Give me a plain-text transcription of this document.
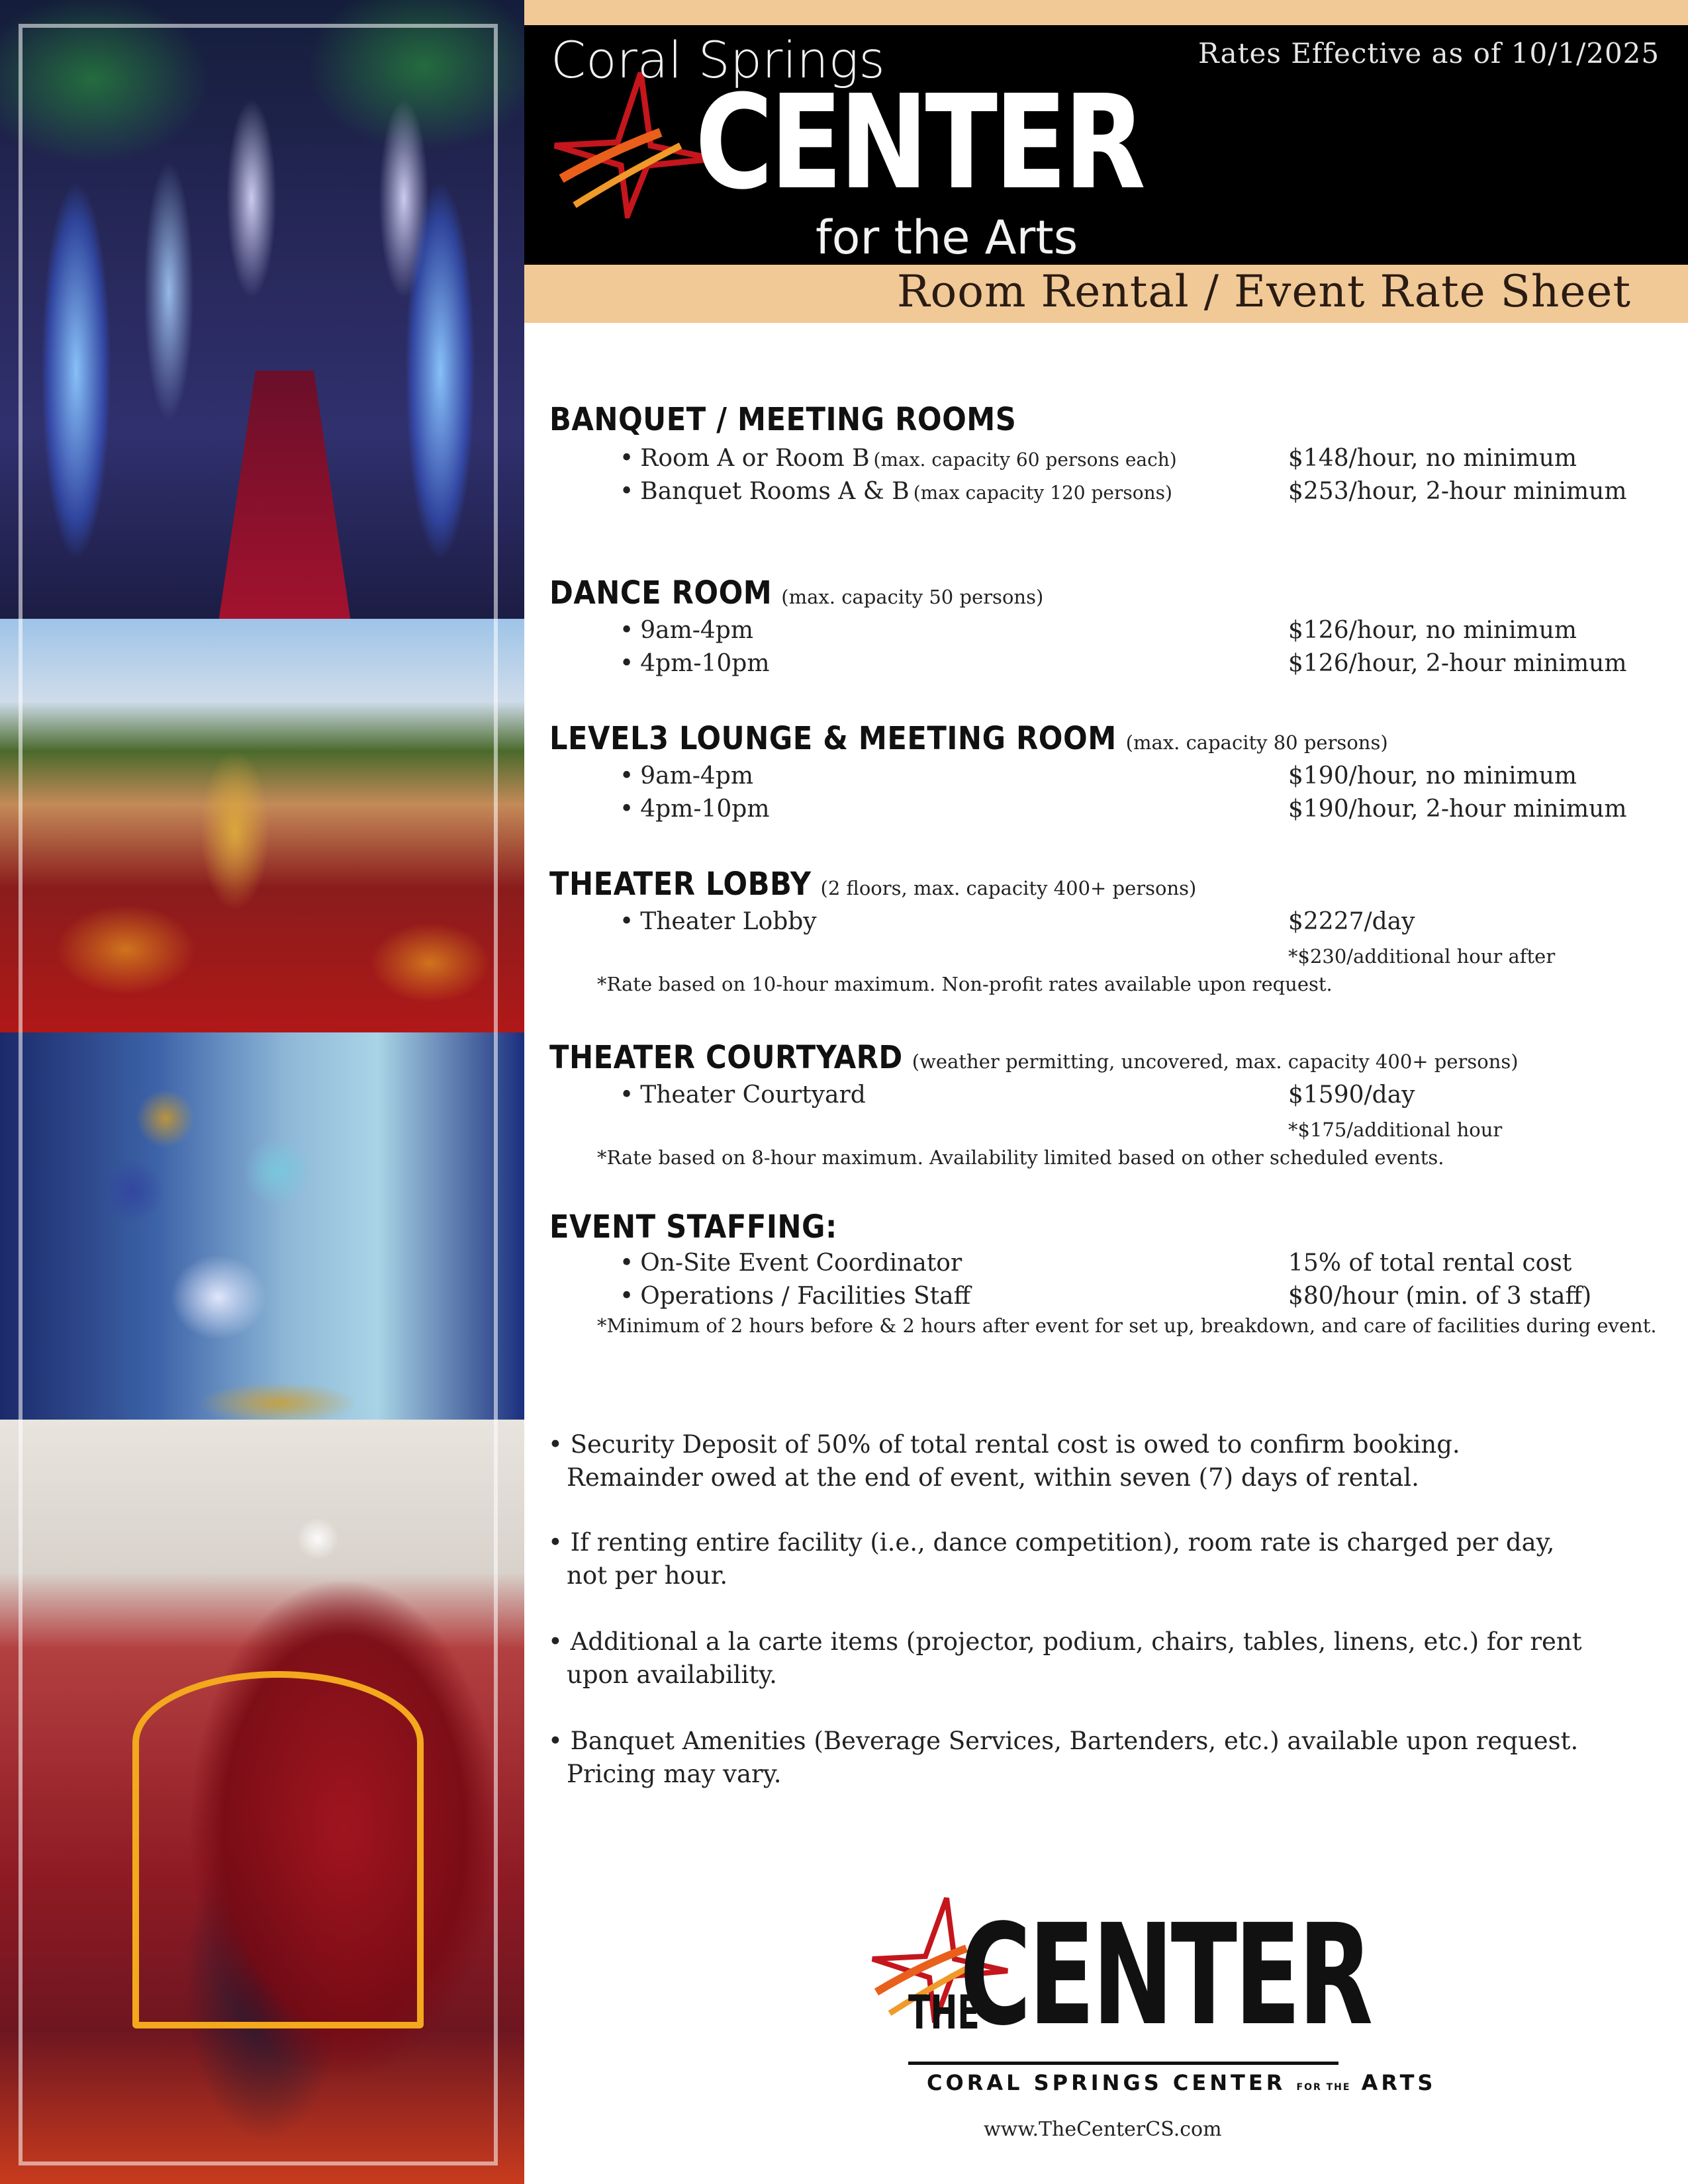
Rates Effective as of 10/1/2025
Coral Springs
CENTER
for the Arts
Room Rental / Event Rate Sheet
BANQUET / MEETING ROOMS
• Room A or Room B (max. capacity 60 persons each)	$148/hour, no minimum
• Banquet Rooms A & B (max capacity 120 persons)	$253/hour, 2-hour minimum
DANCE ROOM (max. capacity 50 persons)
• 9am-4pm	$126/hour, no minimum
• 4pm-10pm	$126/hour, 2-hour minimum
LEVEL3 LOUNGE & MEETING ROOM (max. capacity 80 persons)
• 9am-4pm	$190/hour, no minimum
• 4pm-10pm	$190/hour, 2-hour minimum
THEATER LOBBY (2 floors, max. capacity 400+ persons)
• Theater Lobby	$2227/day
*$230/additional hour after
*Rate based on 10-hour maximum. Non-profit rates available upon request.
THEATER COURTYARD (weather permitting, uncovered, max. capacity 400+ persons)
• Theater Courtyard	$1590/day
*$175/additional hour
*Rate based on 8-hour maximum. Availability limited based on other scheduled events.
EVENT STAFFING:
• On-Site Event Coordinator	15% of total rental cost
• Operations / Facilities Staff	$80/hour (min. of 3 staff)
*Minimum of 2 hours before & 2 hours after event for set up, breakdown, and care of facilities during event.
• Security Deposit of 50% of total rental cost is owed to confirm booking.
Remainder owed at the end of event, within seven (7) days of rental.
• If renting entire facility (i.e., dance competition), room rate is charged per day,
not per hour.
• Additional a la carte items (projector, podium, chairs, tables, linens, etc.) for rent
upon availability.
• Banquet Amenities (Beverage Services, Bartenders, etc.) available upon request.
Pricing may vary.
THE
CENTER
CORAL SPRINGS CENTER FOR THE ARTS
www.TheCenterCS.com
